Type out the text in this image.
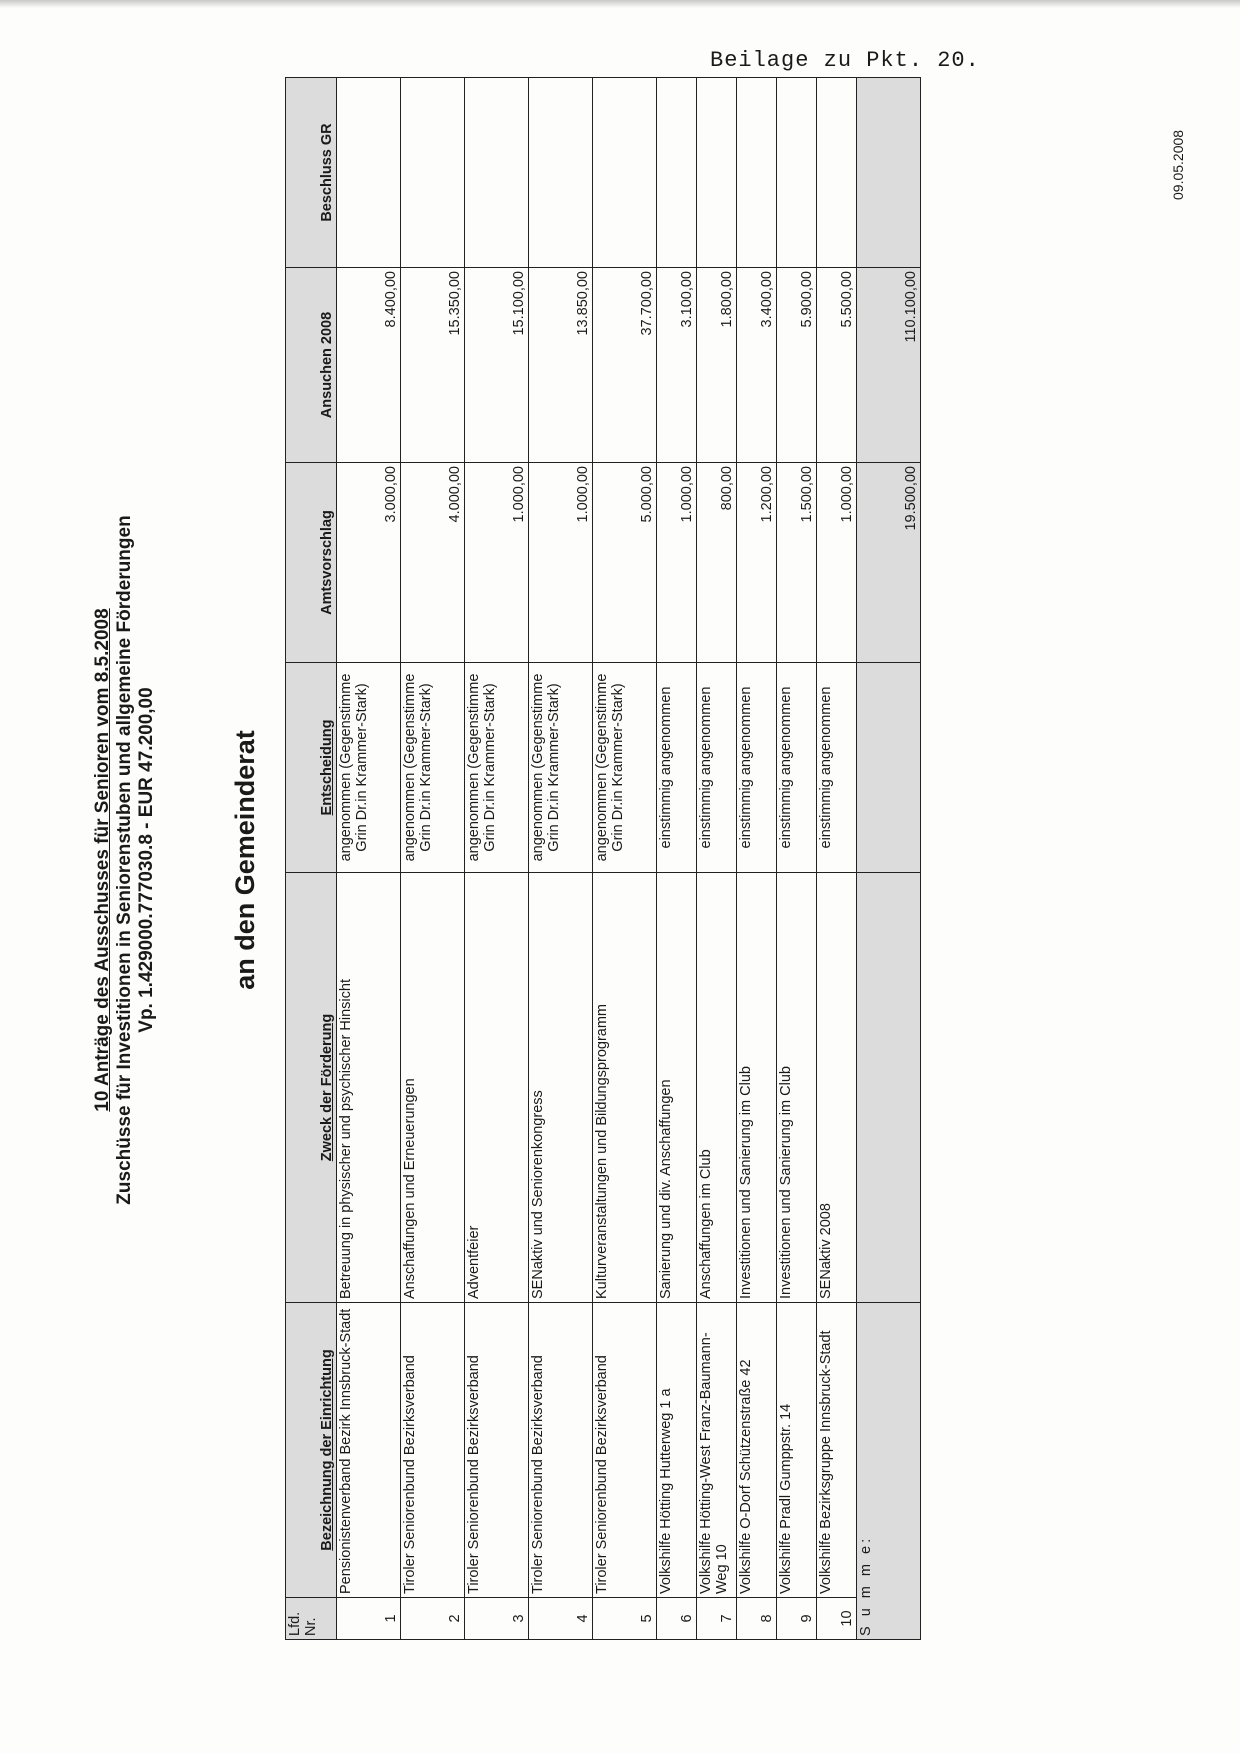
Beilage zu Pkt. 20.
09.05.2008
10 Anträge des Ausschusses für Senioren vom 8.5.2008 Zuschüsse für Investitionen in Seniorenstuben und allgemeine Förderungen Vp. 1.429000.777030.8 - EUR 47.200,00	an den Gemeinderat
Lfd. Nr.	Bezeichnung der Einrichtung	Zweck der Förderung	Entscheidung	Amtsvorschlag	Ansuchen 2008	Beschluss GR
1	Pensionistenverband Bezirk Innsbruck-Stadt	Betreuung in physischer und psychischer Hinsicht	angenommen (Gegenstimme Grin Dr.in Krammer-Stark)	3.000,00	8.400,00	
2	Tiroler Seniorenbund Bezirksverband	Anschaffungen und Erneuerungen	angenommen (Gegenstimme Grin Dr.in Krammer-Stark)	4.000,00	15.350,00	
3	Tiroler Seniorenbund Bezirksverband	Adventfeier	angenommen (Gegenstimme Grin Dr.in Krammer-Stark)	1.000,00	15.100,00	
4	Tiroler Seniorenbund Bezirksverband	SENaktiv und Seniorenkongress	angenommen (Gegenstimme Grin Dr.in Krammer-Stark)	1.000,00	13.850,00	
5	Tiroler Seniorenbund Bezirksverband	Kulturveranstaltungen und Bildungsprogramm	angenommen (Gegenstimme Grin Dr.in Krammer-Stark)	5.000,00	37.700,00	
6	Volkshilfe Hötting Hutterweg 1 a	Sanierung und div. Anschaffungen	einstimmig angenommen	1.000,00	3.100,00	
7	Volkshilfe Hötting-West Franz-Baumann-Weg 10	Anschaffungen im Club	einstimmig angenommen	800,00	1.800,00	
8	Volkshilfe O-Dorf Schützenstraße 42	Investitionen und Sanierung im Club	einstimmig angenommen	1.200,00	3.400,00	
9	Volkshilfe Pradl Gumppstr. 14	Investitionen und Sanierung im Club	einstimmig angenommen	1.500,00	5.900,00	
10	Volkshilfe Bezirksgruppe Innsbruck-Stadt	SENaktiv 2008	einstimmig angenommen	1.000,00	5.500,00	
S u m m e:				19.500,00	110.100,00	
